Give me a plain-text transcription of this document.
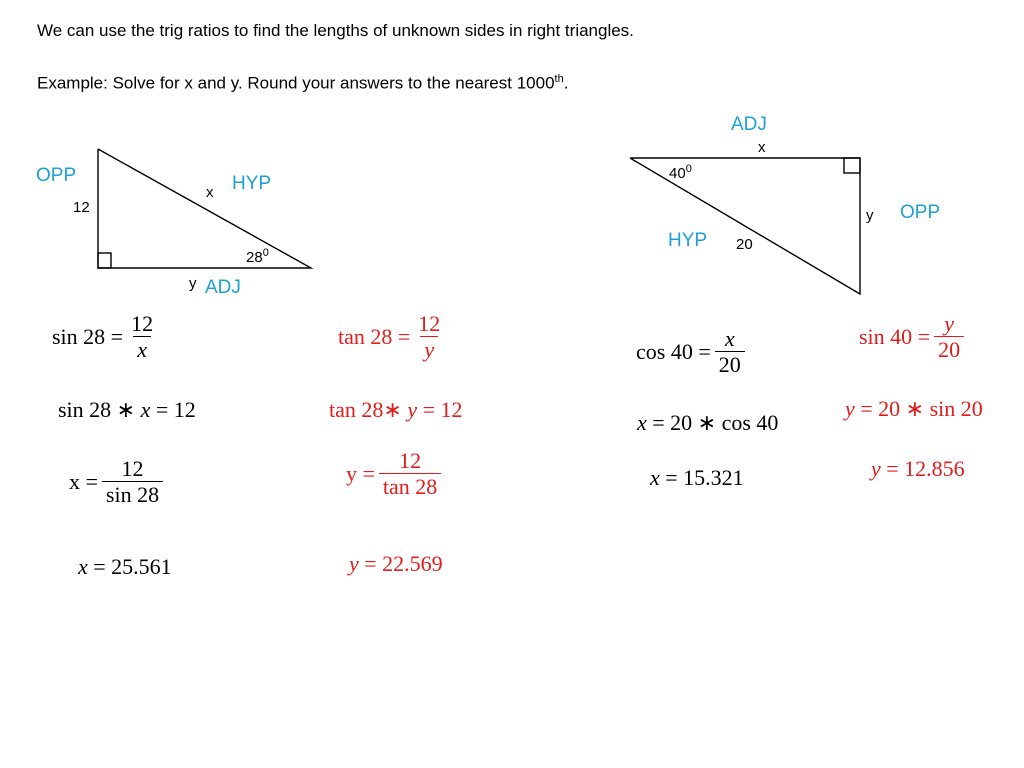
We can use the trig ratios to find the lengths of unknown sides in right triangles.
Example: Solve for x and y. Round your answers to the nearest 1000th.
OPP
12
x HYP
$28^0$
y ADJ
ADJ
x
$40^0$
y OPP
HYP 20
$\sin 28 = \frac{12}{x}$
sin 28 ∗ x = 12
$x = \frac{12}{\sin 28}$
x = 25.561
$\tan 28 = \frac{12}{y}$
tan 28∗ y = 12
$y = \frac{12}{\tan 28}$
y = 22.569
$\cos 40 = \frac{x}{20}$
x = 20 ∗ cos 40
x = 15.321
$\sin 40 = \frac{y}{20}$
y = 20 ∗ sin 20
y = 12.856
